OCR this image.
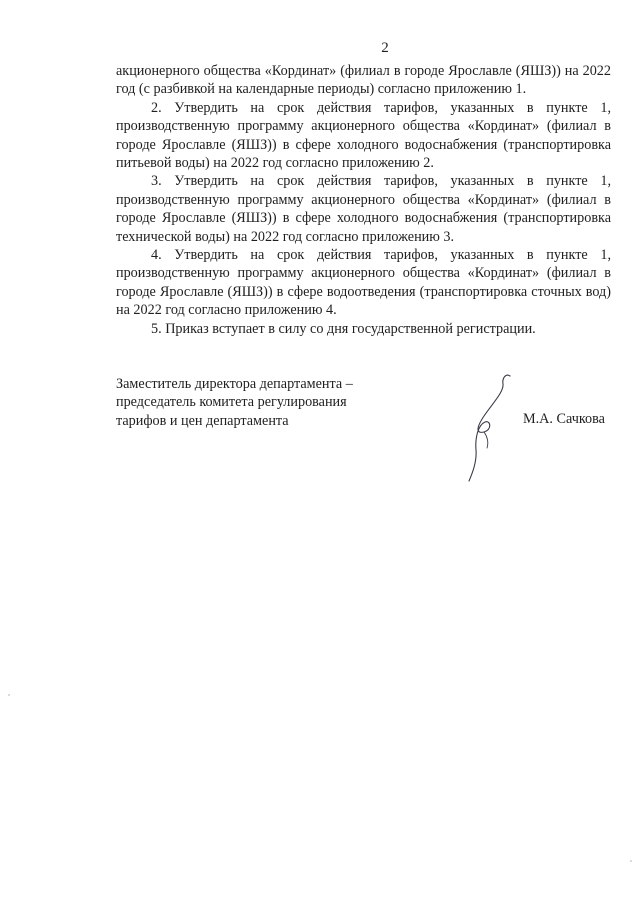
2

акционерного общества «Кординат» (филиал в городе Ярославле (ЯШЗ)) на 2022 год (с разбивкой на календарные периоды) согласно приложению 1.

2. Утвердить на срок действия тарифов, указанных в пункте 1, производственную программу акционерного общества «Кординат» (филиал в городе Ярославле (ЯШЗ)) в сфере холодного водоснабжения (транспортировка питьевой воды) на 2022 год согласно приложению 2.

3. Утвердить на срок действия тарифов, указанных в пункте 1, производственную программу акционерного общества «Кординат» (филиал в городе Ярославле (ЯШЗ)) в сфере холодного водоснабжения (транспортировка технической воды) на 2022 год согласно приложению 3.

4. Утвердить на срок действия тарифов, указанных в пункте 1, производственную программу акционерного общества «Кординат» (филиал в городе Ярославле (ЯШЗ)) в сфере водоотведения (транспортировка сточных вод) на 2022 год согласно приложению 4.

5. Приказ вступает в силу со дня государственной регистрации.

Заместитель директора департамента –
председатель комитета регулирования
тарифов и цен департамента	М.А. Сачкова
